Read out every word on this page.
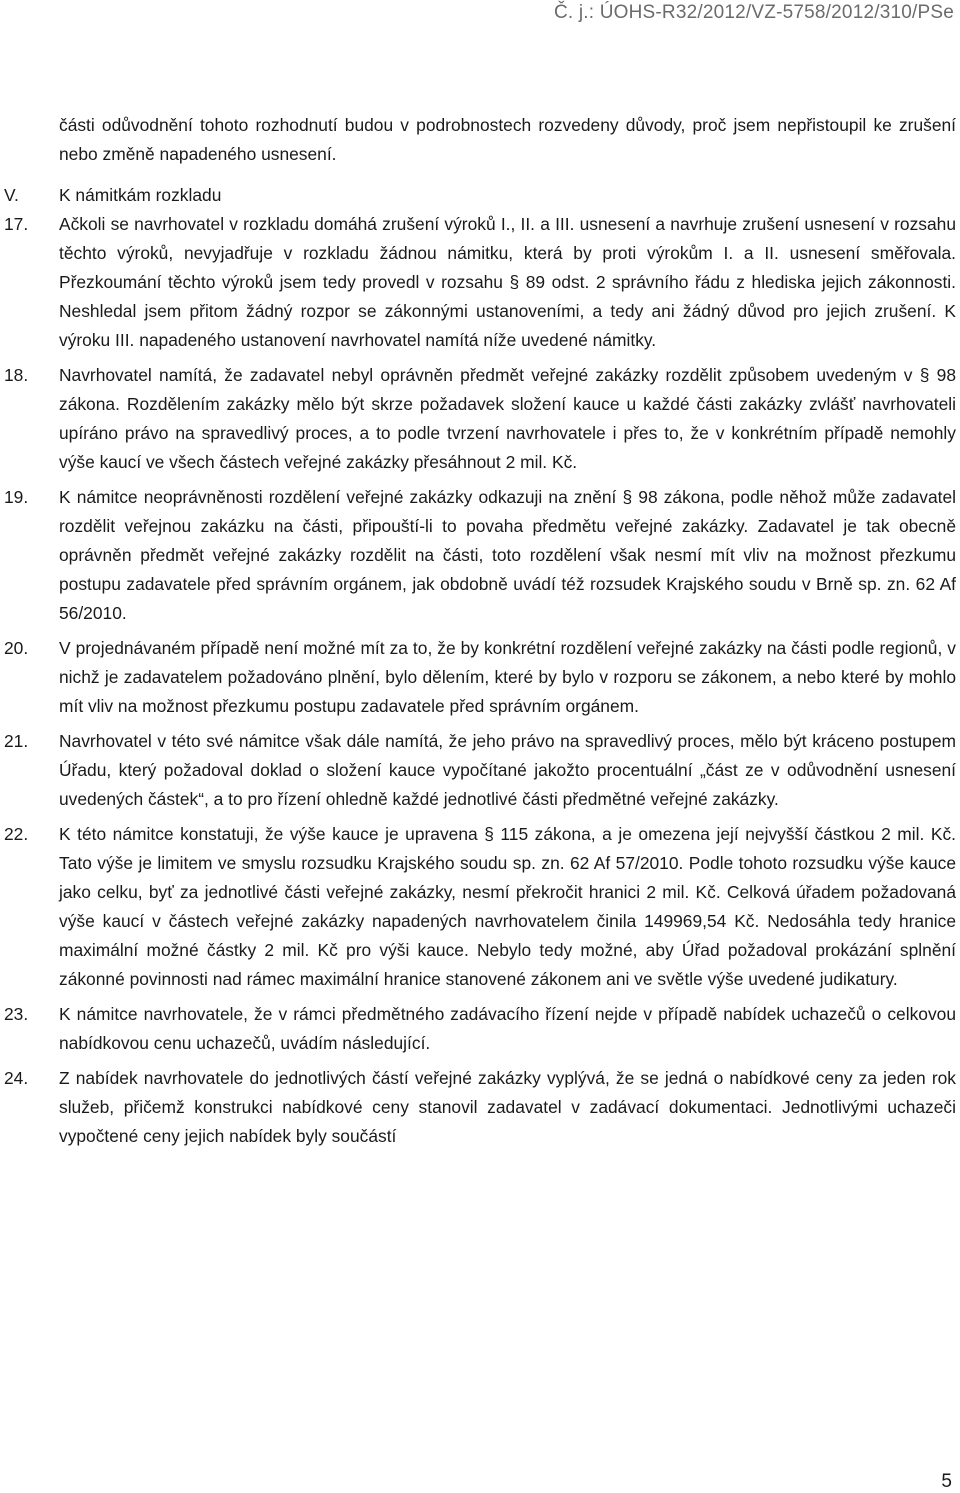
Č. j.: ÚOHS-R32/2012/VZ-5758/2012/310/PSe
části odůvodnění tohoto rozhodnutí budou v podrobnostech rozvedeny důvody, proč jsem nepřistoupil ke zrušení nebo změně napadeného usnesení.
V.	K námitkám rozkladu
17.	Ačkoli se navrhovatel v rozkladu domáhá zrušení výroků I., II. a III. usnesení a navrhuje zrušení usnesení v rozsahu těchto výroků, nevyjadřuje v rozkladu žádnou námitku, která by proti výrokům I. a II. usnesení směřovala. Přezkoumání těchto výroků jsem tedy provedl v rozsahu § 89 odst. 2 správního řádu z hlediska jejich zákonnosti. Neshledal jsem přitom žádný rozpor se zákonnými ustanoveními, a tedy ani žádný důvod pro jejich zrušení. K výroku III. napadeného ustanovení navrhovatel namítá níže uvedené námitky.
18.	Navrhovatel namítá, že zadavatel nebyl oprávněn předmět veřejné zakázky rozdělit způsobem uvedeným v § 98 zákona. Rozdělením zakázky mělo být skrze požadavek složení kauce u každé části zakázky zvlášť navrhovateli upíráno právo na spravedlivý proces, a to podle tvrzení navrhovatele i přes to, že v konkrétním případě nemohly výše kaucí ve všech částech veřejné zakázky přesáhnout 2 mil. Kč.
19.	K námitce neoprávněnosti rozdělení veřejné zakázky odkazuji na znění § 98 zákona, podle něhož může zadavatel rozdělit veřejnou zakázku na části, připouští-li to povaha předmětu veřejné zakázky. Zadavatel je tak obecně oprávněn předmět veřejné zakázky rozdělit na části, toto rozdělení však nesmí mít vliv na možnost přezkumu postupu zadavatele před správním orgánem, jak obdobně uvádí též rozsudek Krajského soudu v Brně sp. zn. 62 Af 56/2010.
20.	V projednávaném případě není možné mít za to, že by konkrétní rozdělení veřejné zakázky na části podle regionů, v nichž je zadavatelem požadováno plnění, bylo dělením, které by bylo v rozporu se zákonem, a nebo které by mohlo mít vliv na možnost přezkumu postupu zadavatele před správním orgánem.
21.	Navrhovatel v této své námitce však dále namítá, že jeho právo na spravedlivý proces, mělo být kráceno postupem Úřadu, který požadoval doklad o složení kauce vypočítané jakožto procentuální „část ze v odůvodnění usnesení uvedených částek“, a to pro řízení ohledně každé jednotlivé části předmětné veřejné zakázky.
22.	K této námitce konstatuji, že výše kauce je upravena § 115 zákona, a je omezena její nejvyšší částkou 2 mil. Kč. Tato výše je limitem ve smyslu rozsudku Krajského soudu sp. zn. 62 Af 57/2010. Podle tohoto rozsudku výše kauce jako celku, byť za jednotlivé části veřejné zakázky, nesmí překročit hranici 2 mil. Kč. Celková úřadem požadovaná výše kaucí v částech veřejné zakázky napadených navrhovatelem činila 149969,54 Kč. Nedosáhla tedy hranice maximální možné částky 2 mil. Kč pro výši kauce. Nebylo tedy možné, aby Úřad požadoval prokázání splnění zákonné povinnosti nad rámec maximální hranice stanovené zákonem ani ve světle výše uvedené judikatury.
23.	K námitce navrhovatele, že v rámci předmětného zadávacího řízení nejde v případě nabídek uchazečů o celkovou nabídkovou cenu uchazečů, uvádím následující.
24.	Z nabídek navrhovatele do jednotlivých částí veřejné zakázky vyplývá, že se jedná o nabídkové ceny za jeden rok služeb, přičemž konstrukci nabídkové ceny stanovil zadavatel v zadávací dokumentaci. Jednotlivými uchazeči vypočtené ceny jejich nabídek byly součástí
5
